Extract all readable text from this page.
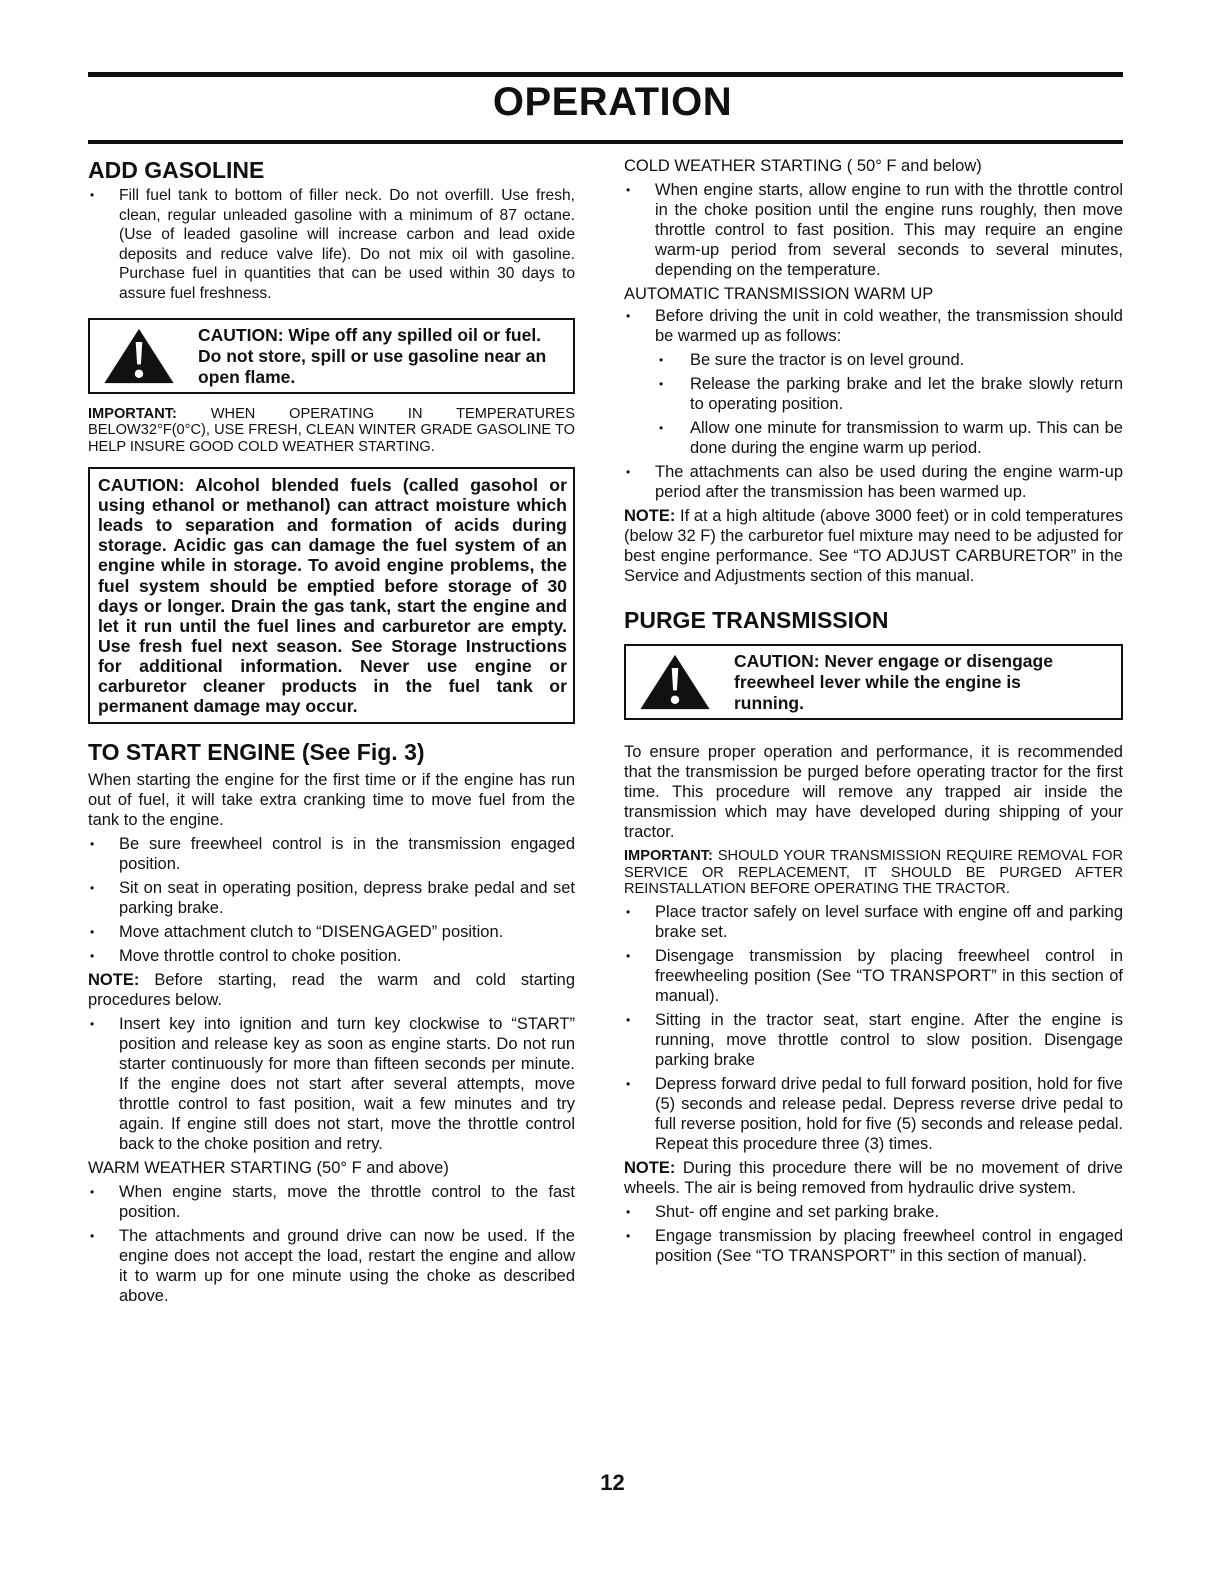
OPERATION
ADD GASOLINE
• Fill fuel tank to bottom of filler neck. Do not overfill. Use fresh, clean, regular unleaded gasoline with a minimum of 87 octane. (Use of leaded gasoline will increase carbon and lead oxide deposits and reduce valve life). Do not mix oil with gasoline. Purchase fuel in quantities that can be used within 30 days to assure fuel freshness.
CAUTION: Wipe off any spilled oil or fuel. Do not store, spill or use gasoline near an open flame.

IMPORTANT: WHEN OPERATING IN TEMPERATURES BELOW32°F(0°C), USE FRESH, CLEAN WINTER GRADE GASOLINE TO HELP INSURE GOOD COLD WEATHER STARTING.

CAUTION: Alcohol blended fuels (called gasohol or using ethanol or methanol) can attract moisture which leads to separation and formation of acids during storage. Acidic gas can damage the fuel system of an engine while in storage. To avoid engine problems, the fuel system should be emptied before storage of 30 days or longer. Drain the gas tank, start the engine and let it run until the fuel lines and carburetor are empty. Use fresh fuel next season. See Storage Instructions for additional information. Never use engine or carburetor cleaner products in the fuel tank or permanent damage may occur.
TO START ENGINE (See Fig. 3)

When starting the engine for the first time or if the engine has run out of fuel, it will take extra cranking time to move fuel from the tank to the engine.

• Be sure freewheel control is in the transmission engaged position.
• Sit on seat in operating position, depress brake pedal and set parking brake.
• Move attachment clutch to “DISENGAGED” position.
• Move throttle control to choke position.

NOTE: Before starting, read the warm and cold starting procedures below.

• Insert key into ignition and turn key clockwise to “START” position and release key as soon as engine starts. Do not run starter continuously for more than fifteen seconds per minute. If the engine does not start after several attempts, move throttle control to fast position, wait a few minutes and try again. If engine still does not start, move the throttle control back to the choke position and retry.

WARM WEATHER STARTING (50° F and above)

• When engine starts, move the throttle control to the fast position.
• The attachments and ground drive can now be used. If the engine does not accept the load, restart the engine and allow it to warm up for one minute using the choke as described above.

COLD WEATHER STARTING ( 50° F and below)

• When engine starts, allow engine to run with the throttle control in the choke position until the engine runs roughly, then move throttle control to fast position. This may require an engine warm-up period from several seconds to several minutes, depending on the temperature.

AUTOMATIC TRANSMISSION WARM UP

• Before driving the unit in cold weather, the transmission should be warmed up as follows:
• Be sure the tractor is on level ground.
• Release the parking brake and let the brake slowly return to operating position.
• Allow one minute for transmission to warm up. This can be done during the engine warm up period.
• The attachments can also be used during the engine warm-up period after the transmission has been warmed up.

NOTE: If at a high altitude (above 3000 feet) or in cold temperatures (below 32 F) the carburetor fuel mixture may need to be adjusted for best engine performance. See “TO ADJUST CARBURETOR” in the Service and Adjustments section of this manual.

PURGE TRANSMISSION
CAUTION: Never engage or disengage freewheel lever while the engine is running.

To ensure proper operation and performance, it is recommended that the transmission be purged before operating tractor for the first time. This procedure will remove any trapped air inside the transmission which may have developed during shipping of your tractor.

IMPORTANT: SHOULD YOUR TRANSMISSION REQUIRE REMOVAL FOR SERVICE OR REPLACEMENT, IT SHOULD BE PURGED AFTER REINSTALLATION BEFORE OPERATING THE TRACTOR.

• Place tractor safely on level surface with engine off and parking brake set.
• Disengage transmission by placing freewheel control in freewheeling position (See “TO TRANSPORT” in this section of manual).
• Sitting in the tractor seat, start engine. After the engine is running, move throttle control to slow position. Disengage parking brake
• Depress forward drive pedal to full forward position, hold for five (5) seconds and release pedal. Depress reverse drive pedal to full reverse position, hold for five (5) seconds and release pedal. Repeat this procedure three (3) times.

NOTE: During this procedure there will be no movement of drive wheels. The air is being removed from hydraulic drive system.

• Shut- off engine and set parking brake.
• Engage transmission by placing freewheel control in engaged position (See “TO TRANSPORT” in this section of manual).
12
